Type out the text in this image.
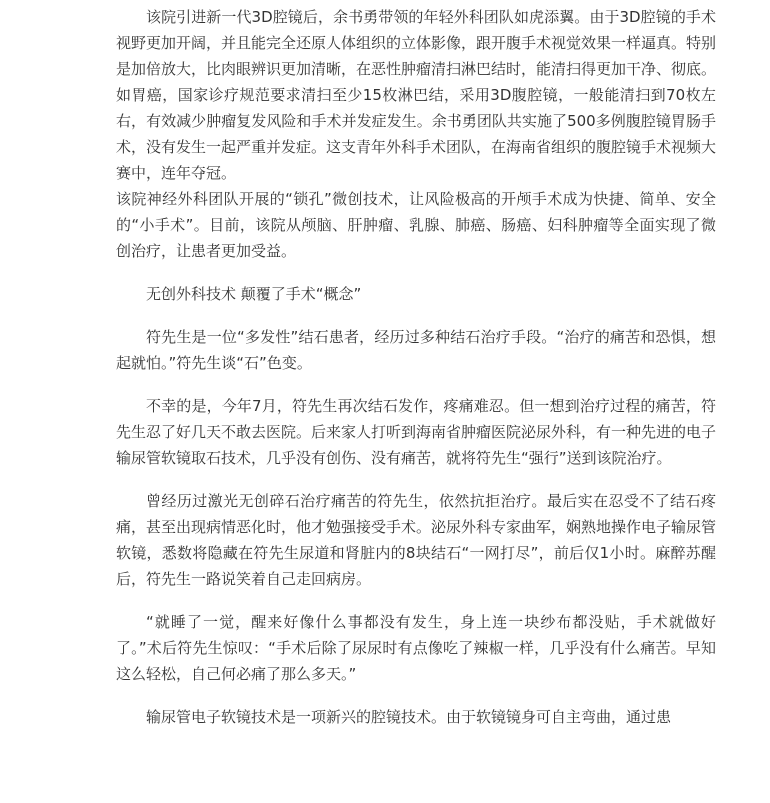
该院引进新一代3D腔镜后，余书勇带领的年轻外科团队如虎添翼。由于3D腔镜的手术视野更加开阔，并且能完全还原人体组织的立体影像，跟开腹手术视觉效果一样逼真。特别是加倍放大，比肉眼辨识更加清晰，在恶性肿瘤清扫淋巴结时，能清扫得更加干净、彻底。如胃癌，国家诊疗规范要求清扫至少15枚淋巴结，采用3D腹腔镜，一般能清扫到70枚左右，有效减少肿瘤复发风险和手术并发症发生。余书勇团队共实施了500多例腹腔镜胃肠手术，没有发生一起严重并发症。这支青年外科手术团队，在海南省组织的腹腔镜手术视频大赛中，连年夺冠。

该院神经外科团队开展的“锁孔”微创技术，让风险极高的开颅手术成为快捷、简单、安全的“小手术”。目前，该院从颅脑、肝肿瘤、乳腺、肺癌、肠癌、妇科肿瘤等全面实现了微创治疗，让患者更加受益。

无创外科技术 颠覆了手术“概念”

符先生是一位“多发性”结石患者，经历过多种结石治疗手段。“治疗的痛苦和恐惧，想起就怕。”符先生谈“石”色变。

不幸的是，今年7月，符先生再次结石发作，疼痛难忍。但一想到治疗过程的痛苦，符先生忍了好几天不敢去医院。后来家人打听到海南省肿瘤医院泌尿外科，有一种先进的电子输尿管软镜取石技术，几乎没有创伤、没有痛苦，就将符先生“强行”送到该院治疗。

曾经历过激光无创碎石治疗痛苦的符先生，依然抗拒治疗。最后实在忍受不了结石疼痛，甚至出现病情恶化时，他才勉强接受手术。泌尿外科专家曲军，娴熟地操作电子输尿管软镜，悉数将隐藏在符先生尿道和肾脏内的8块结石“一网打尽”，前后仅1小时。麻醉苏醒后，符先生一路说笑着自己走回病房。

“就睡了一觉，醒来好像什么事都没有发生，身上连一块纱布都没贴，手术就做好了。”术后符先生惊叹：“手术后除了尿尿时有点像吃了辣椒一样，几乎没有什么痛苦。早知这么轻松，自己何必痛了那么多天。”

输尿管电子软镜技术是一项新兴的腔镜技术。由于软镜镜身可自主弯曲，通过患
